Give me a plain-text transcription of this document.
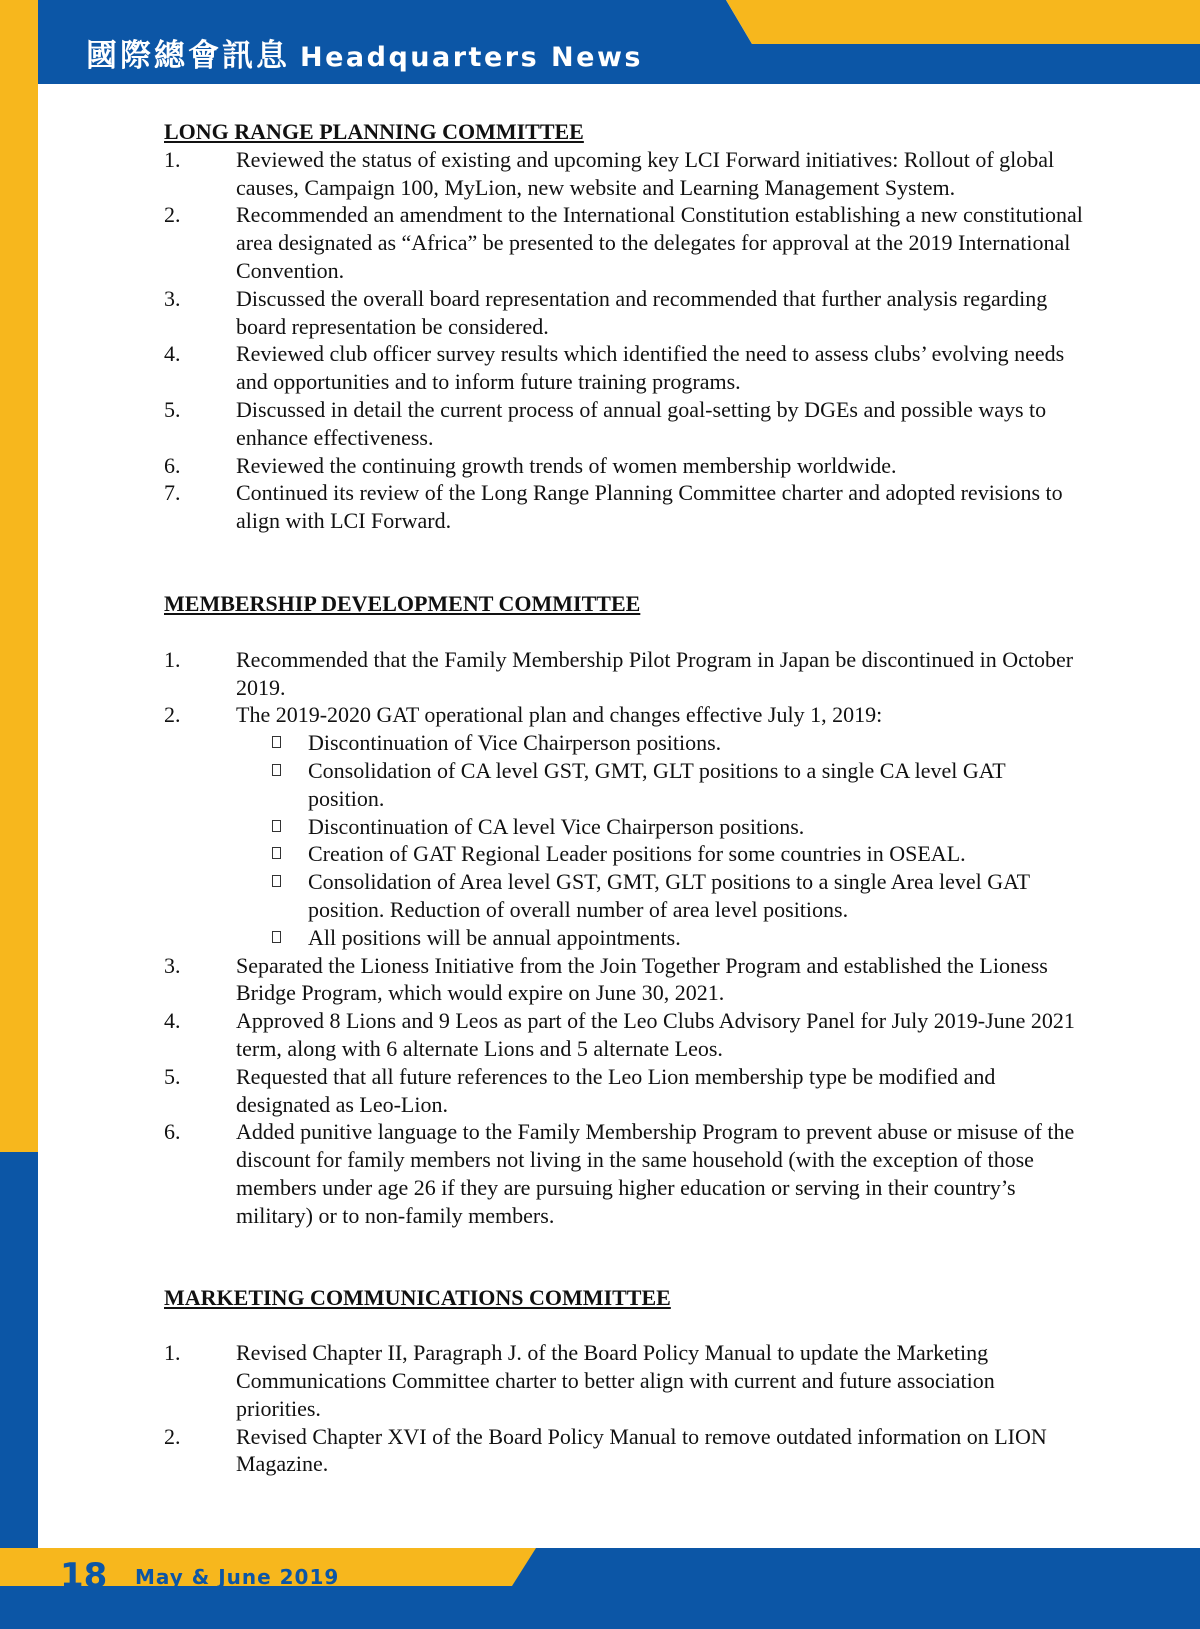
國際總會訊息 Headquarters News
18 May & June 2019
LONG RANGE PLANNING COMMITTEE
1.	Reviewed the status of existing and upcoming key LCI Forward initiatives: Rollout of global causes, Campaign 100, MyLion, new website and Learning Management System.
2.	Recommended an amendment to the International Constitution establishing a new constitutional area designated as “Africa” be presented to the delegates for approval at the 2019 International Convention.
3.	Discussed the overall board representation and recommended that further analysis regarding board representation be considered.
4.	Reviewed club officer survey results which identified the need to assess clubs’ evolving needs and opportunities and to inform future training programs.
5.	Discussed in detail the current process of annual goal-setting by DGEs and possible ways to enhance effectiveness.
6.	Reviewed the continuing growth trends of women membership worldwide.
7.	Continued its review of the Long Range Planning Committee charter and adopted revisions to align with LCI Forward.
MEMBERSHIP DEVELOPMENT COMMITTEE
1.	Recommended that the Family Membership Pilot Program in Japan be discontinued in October 2019.
2.	The 2019-2020 GAT operational plan and changes effective July 1, 2019:
Discontinuation of Vice Chairperson positions.
Consolidation of CA level GST, GMT, GLT positions to a single CA level GAT position.
Discontinuation of CA level Vice Chairperson positions.
Creation of GAT Regional Leader positions for some countries in OSEAL.
Consolidation of Area level GST, GMT, GLT positions to a single Area level GAT position. Reduction of overall number of area level positions.
All positions will be annual appointments.
3.	Separated the Lioness Initiative from the Join Together Program and established the Lioness Bridge Program, which would expire on June 30, 2021.
4.	Approved 8 Lions and 9 Leos as part of the Leo Clubs Advisory Panel for July 2019-June 2021 term, along with 6 alternate Lions and 5 alternate Leos.
5.	Requested that all future references to the Leo Lion membership type be modified and designated as Leo-Lion.
6.	Added punitive language to the Family Membership Program to prevent abuse or misuse of the discount for family members not living in the same household (with the exception of those members under age 26 if they are pursuing higher education or serving in their country’s military) or to non-family members.
MARKETING COMMUNICATIONS COMMITTEE
1.	Revised Chapter II, Paragraph J. of the Board Policy Manual to update the Marketing Communications Committee charter to better align with current and future association priorities.
2.	Revised Chapter XVI of the Board Policy Manual to remove outdated information on LION Magazine.
